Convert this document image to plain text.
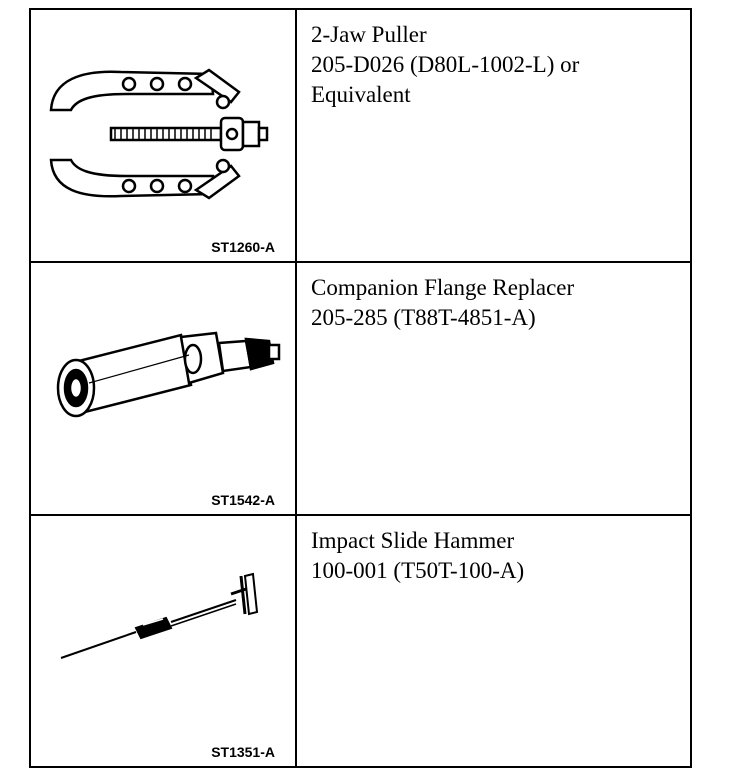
ST1260-A
2-Jaw Puller
205-D026 (D80L-1002-L) or
Equivalent
ST1542-A
Companion Flange Replacer
205-285 (T88T-4851-A)
ST1351-A
Impact Slide Hammer
100-001 (T50T-100-A)
